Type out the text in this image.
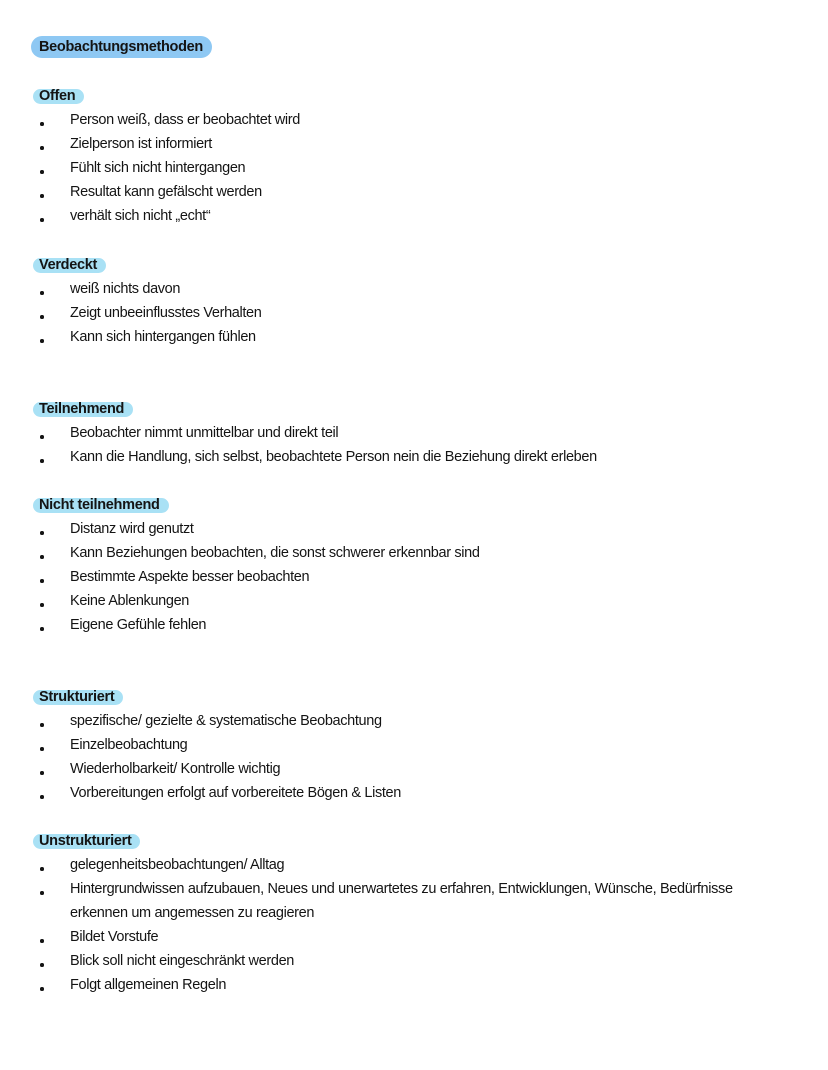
Beobachtungsmethoden
Offen
Person weiß, dass er beobachtet wird
Zielperson ist informiert
Fühlt sich nicht hintergangen
Resultat kann gefälscht werden
verhält sich nicht „echt“
Verdeckt
weiß nichts davon
Zeigt unbeeinflusstes Verhalten
Kann sich hintergangen fühlen
Teilnehmend
Beobachter nimmt unmittelbar und direkt teil
Kann die Handlung, sich selbst, beobachtete Person nein die Beziehung direkt erleben
Nicht teilnehmend
Distanz wird genutzt
Kann Beziehungen beobachten, die sonst schwerer erkennbar sind
Bestimmte Aspekte besser beobachten
Keine Ablenkungen
Eigene Gefühle fehlen
Strukturiert
spezifische/ gezielte & systematische Beobachtung
Einzelbeobachtung
Wiederholbarkeit/ Kontrolle wichtig
Vorbereitungen erfolgt auf vorbereitete Bögen & Listen
Unstrukturiert
gelegenheitsbeobachtungen/ Alltag
Hintergrundwissen aufzubauen, Neues und unerwartetes zu erfahren, Entwicklungen, Wünsche, Bedürfnisse erkennen um angemessen zu reagieren
Bildet Vorstufe
Blick soll nicht eingeschränkt werden
Folgt allgemeinen Regeln
